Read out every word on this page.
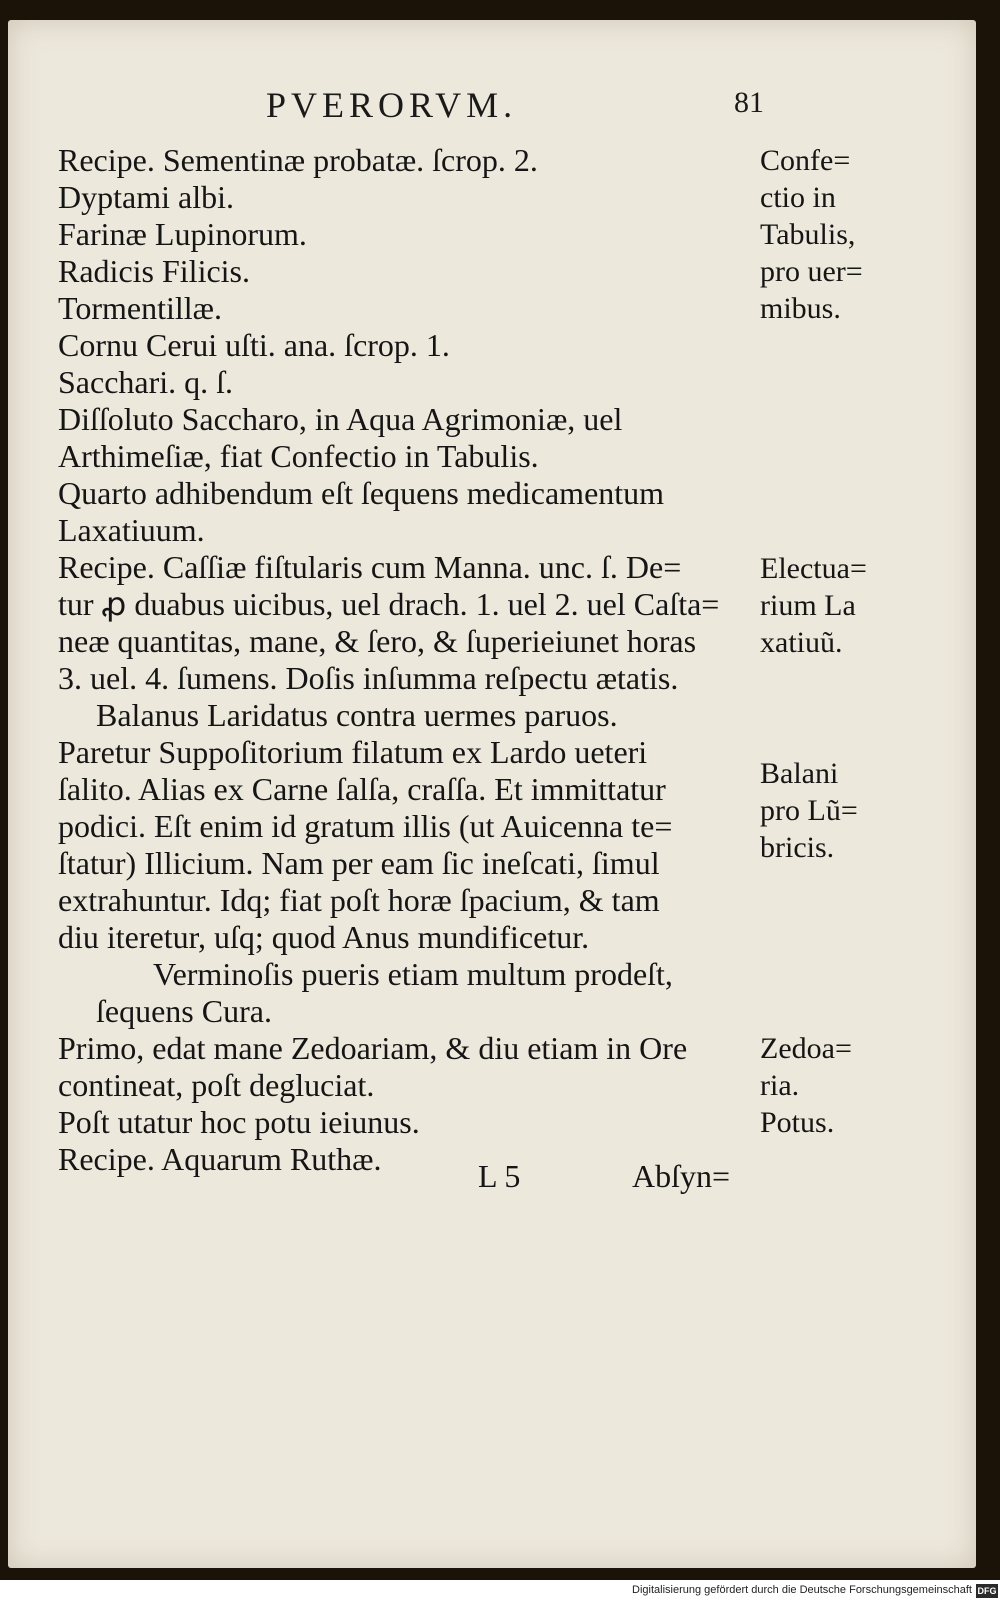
PVERORVM.	81
Recipe. Sementinæ probatæ. ſcrop. 2.
Dyptami albi.
Farinæ Lupinorum.
Radicis Filicis.
Tormentillæ.
Cornu Cerui uſti. ana. ſcrop. 1.
Sacchari. q. ſ.
Diſſoluto Saccharo, in Aqua Agrimoniæ, uel
Arthimeſiæ, fiat Confectio in Tabulis.
Quarto adhibendum eſt ſequens medicamentum
Laxatiuum.
Recipe. Caſſiæ fiſtularis cum Manna. unc. ſ. De=
tur ꝓ duabus uicibus, uel drach. 1. uel 2. uel Caſta=
neæ quantitas, mane, & ſero, & ſuperieiunet horas
3. uel. 4. ſumens. Doſis inſumma reſpectu ætatis.
Balanus Laridatus contra uermes paruos.
Paretur Suppoſitorium filatum ex Lardo ueteri
ſalito. Alias ex Carne ſalſa, craſſa. Et immittatur
podici. Eſt enim id gratum illis (ut Auicenna te=
ſtatur) Illicium. Nam per eam ſic ineſcati, ſimul
extrahuntur. Idq; fiat poſt horæ ſpacium, & tam
diu iteretur, uſq; quod Anus mundificetur.
Verminoſis pueris etiam multum prodeſt,
ſequens Cura.
Primo, edat mane Zedoariam, & diu etiam in Ore
contineat, poſt degluciat.
Poſt utatur hoc potu ieiunus.
Recipe. Aquarum Ruthæ.
Confe=
ctio in
Tabulis,
pro uer=
mibus.
Electua=
rium La
xatiuũ.
Balani
pro Lũ=
bricis.
Zedoa=
ria.
Potus.
L 5	Abſyn=
Digitalisierung gefördert durch die Deutsche Forschungsgemeinschaft DFG
